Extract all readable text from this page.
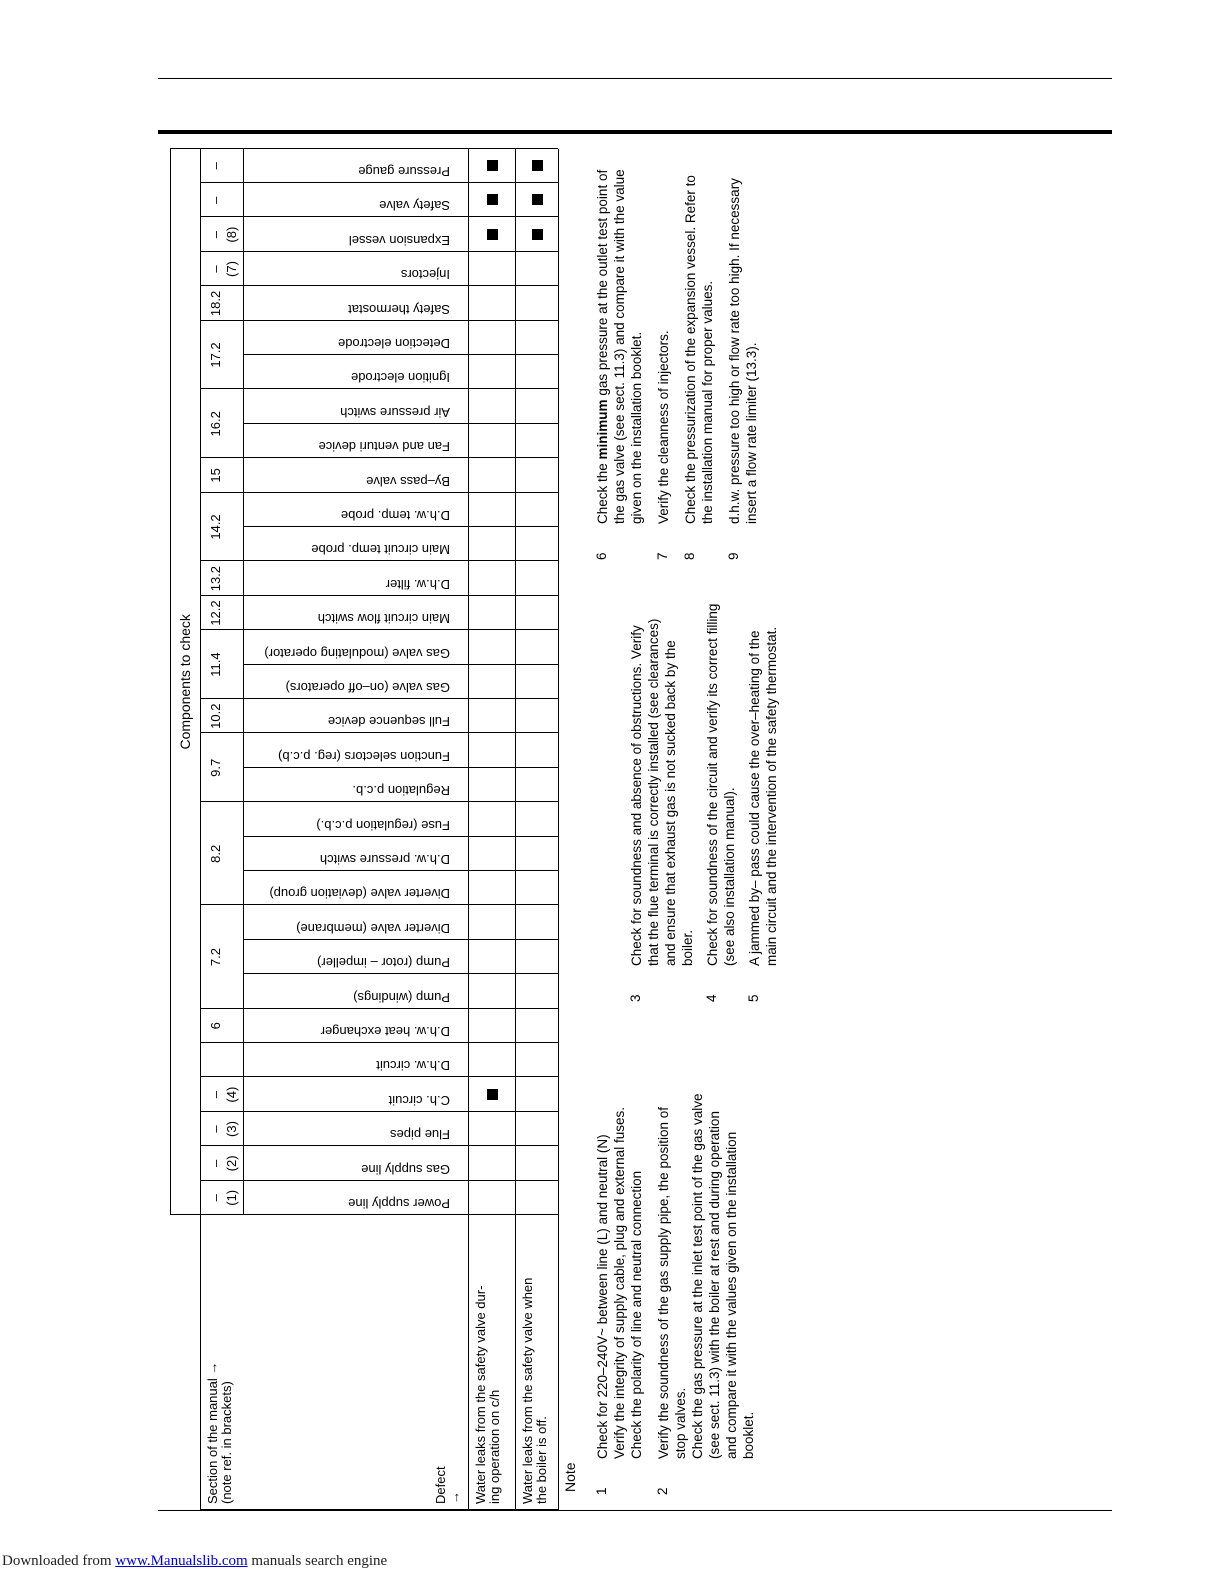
Section of the manual → (note ref. in brackets)	Defect →
Components to check
– (1)
– (2)
– (3)
– (4)
6
7.2
8.2
9.7
10.2
11.4
12.2
13.2
14.2
15
16.2
17.2
18.2
– (7)
– (8)
–
–
Power supply line
Gas supply line
Flue pipes
C.h. circuit
D.h.w. circuit
D.h.w. heat exchanger
Pump (windings)
Pump (rotor – impeller)
Diverter valve (membrane)
Diverter valve (deviation group)
D.h.w. pressure switch
Fuse (regulation p.c.b.)
Regulation p.c.b.
Function selectors (reg. p.c.b)
Full sequence device
Gas valve (on–off operators)
Gas valve (modulating operator)
Main circuit flow switch
D.h.w. filter
Main circuit temp. probe
D.h.w. temp. probe
By–pass valve
Fan and venturi device
Air pressure switch
Ignition electrode
Detection electrode
Safety thermostat
Injectors
Expansion vessel
Safety valve
Pressure gauge
Water leaks from the safety valve dur- ing operation on c/h Water leaks from the safety valve when the boiler is off. Note 1
Check for 220–240V~ between line (L) and neutral (N) Verify the integrity of supply cable, plug and external fuses. Check the polarity of line and neutral connection
2
Verify the soundness of the gas supply pipe, the position of stop valves. Check the gas pressure at the inlet test point of the gas valve (see sect. 11.3) with the boiler at rest and during operation and compare it with the values given on the installation booklet.
3
Check for soundness and absence of obstructions. Verify that the flue terminal is correctly installed (see clearances) and ensure that exhaust gas is not sucked back by the boiler.
4
Check for soundness of the circuit and verify its correct filling (see also installation manual).
5
A jammed by– pass could cause the over–heating of the main circuit and the intervention of the safety thermostat.
6
Check the minimum gas pressure at the outlet test point of the gas valve (see sect. 11.3) and compare it with the value given on the installation booklet.
7
Verify the cleanness of injectors.
8
Check the pressurization of the expansion vessel. Refer to the installation manual for proper values.
9
d.h.w. pressure too high or flow rate too high. If necessary insert a flow rate limiter (13.3).
Downloaded from www.Manualslib.com manuals search engine
